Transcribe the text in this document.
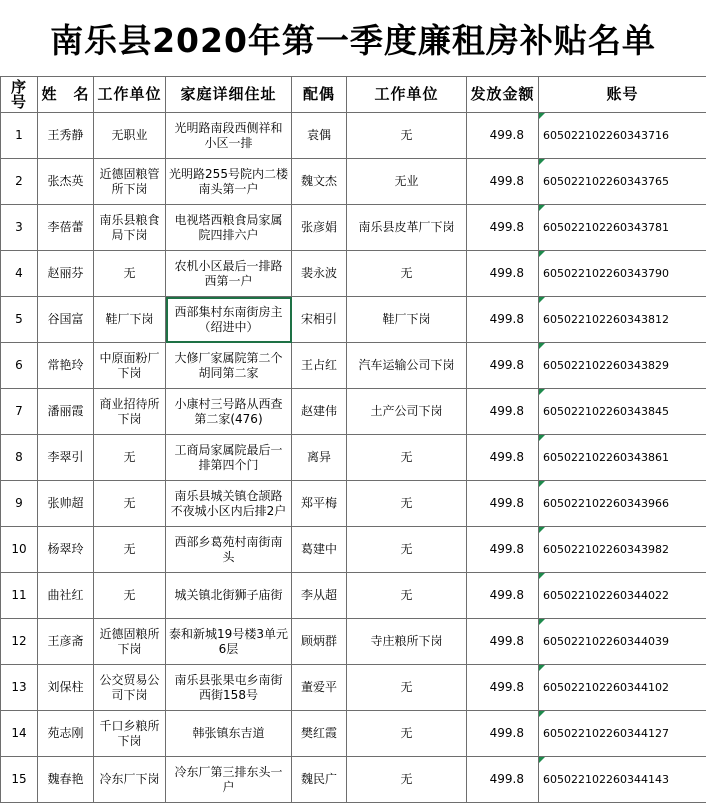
南乐县2020年第一季度廉租房补贴名单
序号	姓　名	工作单位	家庭详细住址	配偶	工作单位	发放金额	账号
1	王秀静	无职业	光明路南段西侧祥和小区一排	袁偶	无	499.8	605022102260343716
2	张杰英	近德固粮管所下岗	光明路255号院内二楼南头第一户	魏文杰	无业	499.8	605022102260343765
3	李蓓蕾	南乐县粮食局下岗	电视塔西粮食局家属院四排六户	张彦娟	南乐县皮革厂下岗	499.8	605022102260343781
4	赵丽芬	无	农机小区最后一排路西第一户	裴永波	无	499.8	605022102260343790
5	谷国富	鞋厂下岗	西部集村东南街房主（绍进中）	宋相引	鞋厂下岗	499.8	605022102260343812
6	常艳玲	中原面粉厂下岗	大修厂家属院第二个胡同第二家	王占红	汽车运输公司下岗	499.8	605022102260343829
7	潘丽霞	商业招待所下岗	小康村三号路从西查第二家(476)	赵建伟	土产公司下岗	499.8	605022102260343845
8	李翠引	无	工商局家属院最后一排第四个门	离异	无	499.8	605022102260343861
9	张帅超	无	南乐县城关镇仓颉路不夜城小区内后排2户	郑平梅	无	499.8	605022102260343966
10	杨翠玲	无	西部乡葛苑村南街南头	葛建中	无	499.8	605022102260343982
11	曲社红	无	城关镇北街狮子庙街	李从超	无	499.8	605022102260344022
12	王彦斋	近德固粮所下岗	泰和新城19号楼3单元6层	顾炳群	寺庄粮所下岗	499.8	605022102260344039
13	刘保柱	公交贸易公司下岗	南乐县张果屯乡南街西街158号	董爱平	无	499.8	605022102260344102
14	苑志刚	千口乡粮所下岗	韩张镇东吉道	樊红霞	无	499.8	605022102260344127
15	魏春艳	冷东厂下岗	冷东厂第三排东头一户	魏民广	无	499.8	605022102260344143
